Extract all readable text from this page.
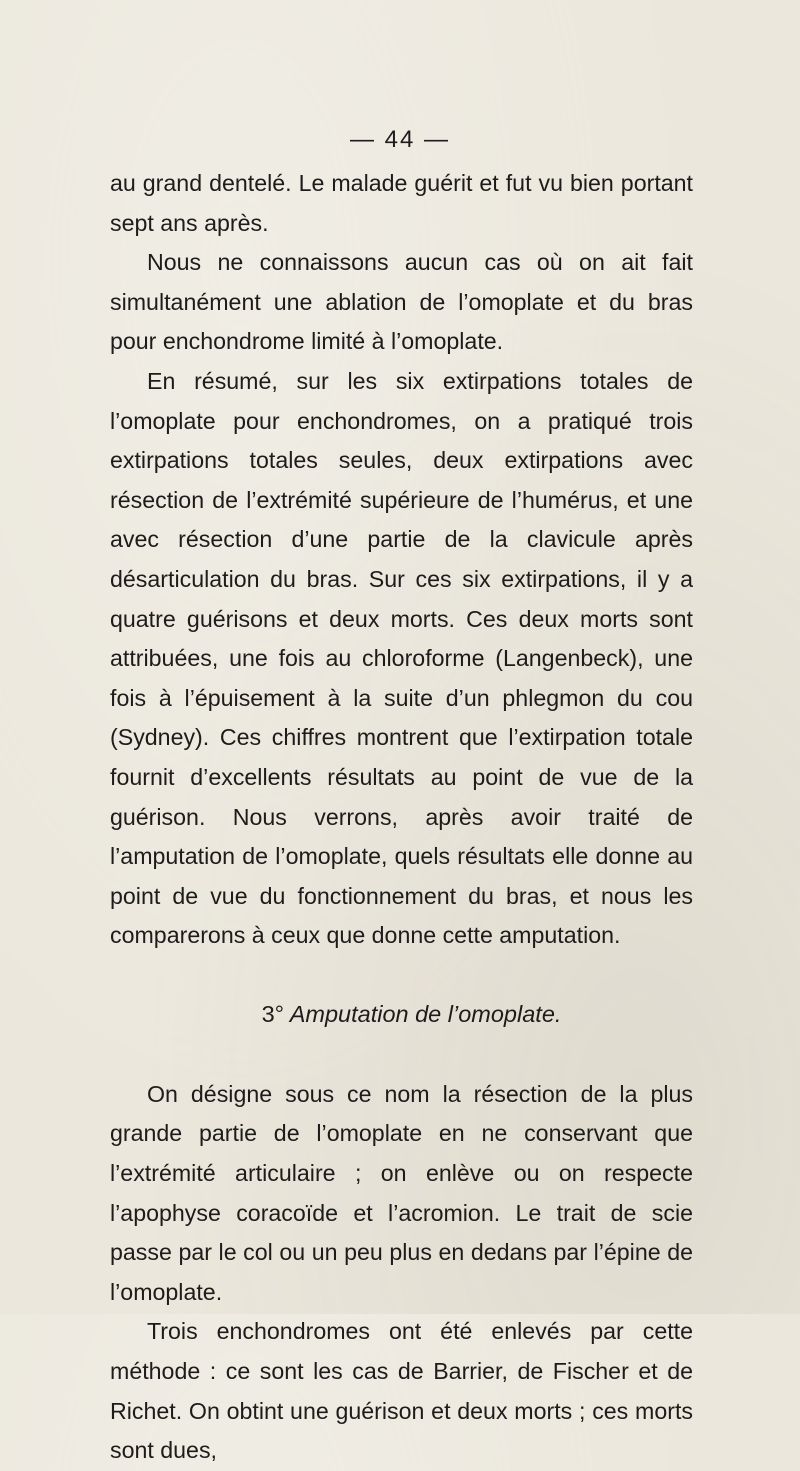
— 44 —

au grand dentelé. Le malade guérit et fut vu bien portant sept ans après.

Nous ne connaissons aucun cas où on ait fait simultanément une ablation de l’omoplate et du bras pour enchondrome limité à l’omoplate.

En résumé, sur les six extirpations totales de l’omoplate pour enchondromes, on a pratiqué trois extirpations totales seules, deux extirpations avec résection de l’extrémité supérieure de l’humérus, et une avec résection d’une partie de la clavicule après désarticulation du bras. Sur ces six extirpations, il y a quatre guérisons et deux morts. Ces deux morts sont attribuées, une fois au chloroforme (Langenbeck), une fois à l’épuisement à la suite d’un phlegmon du cou (Sydney). Ces chiffres montrent que l’extirpation totale fournit d’excellents résultats au point de vue de la guérison. Nous verrons, après avoir traité de l’amputation de l’omoplate, quels résultats elle donne au point de vue du fonctionnement du bras, et nous les comparerons à ceux que donne cette amputation.

3° Amputation de l’omoplate.

On désigne sous ce nom la résection de la plus grande partie de l’omoplate en ne conservant que l’extrémité articulaire ; on enlève ou on respecte l’apophyse coracoïde et l’acromion. Le trait de scie passe par le col ou un peu plus en dedans par l’épine de l’omoplate.

Trois enchondromes ont été enlevés par cette méthode : ce sont les cas de Barrier, de Fischer et de Richet. On obtint une guérison et deux morts ; ces morts sont dues,
